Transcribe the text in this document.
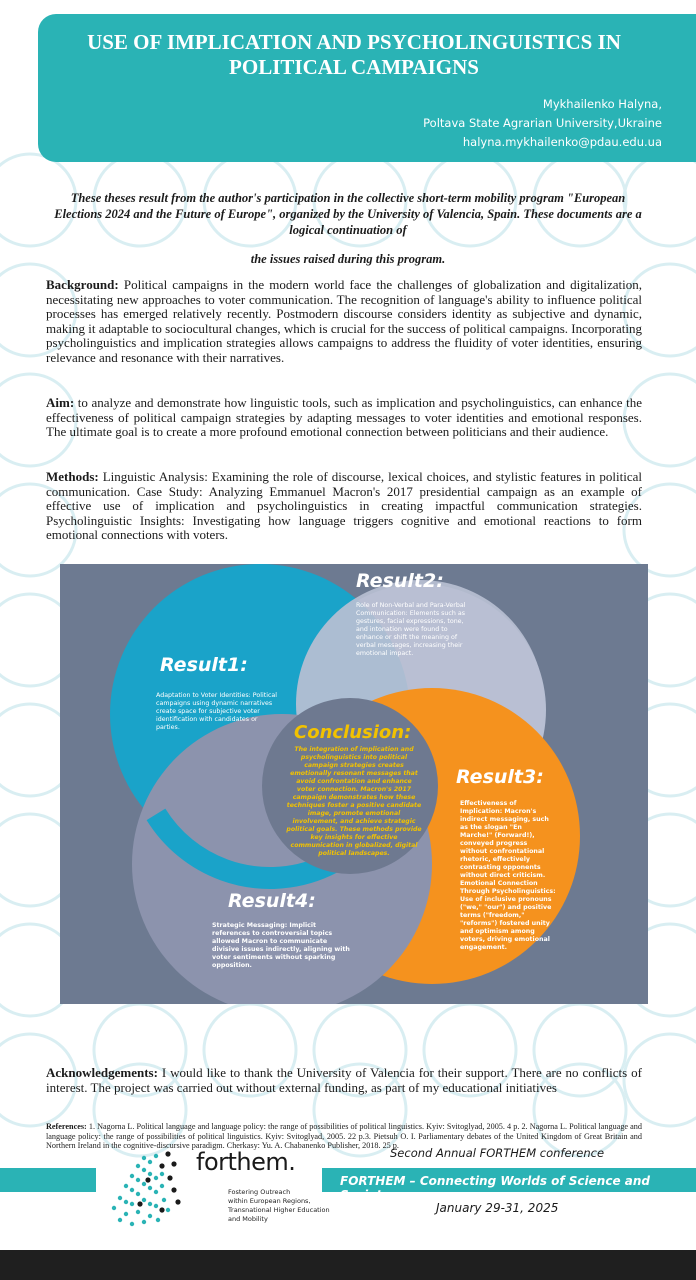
USE OF IMPLICATION AND PSYCHOLINGUISTICS IN POLITICAL CAMPAIGNS
Mykhailenko Halyna,
Poltava State Agrarian University,Ukraine
halyna.mykhailenko@pdau.edu.ua
These theses result from the author's participation in the collective short-term mobility program "European Elections 2024 and the Future of Europe", organized by the University of Valencia, Spain. These documents are a logical continuation of
the issues raised during this program.
Background: Political campaigns in the modern world face the challenges of globalization and digitalization, necessitating new approaches to voter communication. The recognition of language's ability to influence political processes has emerged relatively recently. Postmodern discourse considers identity as subjective and dynamic, making it adaptable to sociocultural changes, which is crucial for the success of political campaigns. Incorporating psycholinguistics and implication strategies allows campaigns to address the fluidity of voter identities, ensuring relevance and resonance with their narratives.
Aim: to analyze and demonstrate how linguistic tools, such as implication and psycholinguistics, can enhance the effectiveness of political campaign strategies by adapting messages to voter identities and emotional responses. The ultimate goal is to create a more profound emotional connection between politicians and their audience.
Methods: Linguistic Analysis: Examining the role of discourse, lexical choices, and stylistic features in political communication. Case Study: Analyzing Emmanuel Macron's 2017 presidential campaign as an example of effective use of implication and psycholinguistics in creating impactful communication strategies. Psycholinguistic Insights: Investigating how language triggers cognitive and emotional reactions to form emotional connections with voters.
Result2:
Role of Non-Verbal and Para-Verbal Communication: Elements such as gestures, facial expressions, tone, and intonation were found to enhance or shift the meaning of verbal messages, increasing their emotional impact.
Result1:
Adaptation to Voter Identities: Political campaigns using dynamic narratives create space for subjective voter identification with candidates or parties.	Conclusion:
The integration of implication and psycholinguistics into political campaign strategies creates emotionally resonant messages that avoid confrontation and enhance voter connection. Macron's 2017 campaign demonstrates how these techniques foster a positive candidate image, promote emotional involvement, and achieve strategic political goals. These methods provide key insights for effective communication in globalized, digital political landscapes.
Result3:
Effectiveness of Implication: Macron's indirect messaging, such as the slogan "En Marche!" (Forward!), conveyed progress without confrontational rhetoric, effectively contrasting opponents without direct criticism. Emotional Connection Through Psycholinguistics: Use of inclusive pronouns ("we," "our") and positive terms ("freedom," "reforms") fostered unity and optimism among voters, driving emotional engagement.
Result4:
Strategic Messaging: Implicit references to controversial topics allowed Macron to communicate divisive issues indirectly, aligning with voter sentiments without sparking opposition.
Acknowledgements: I would like to thank the University of Valencia for their support. There are no conflicts of interest. The project was carried out without external funding, as part of my educational initiatives
References: 1. Nagorna L. Political language and language policy: the range of possibilities of political linguistics. Kyiv: Svitoglyad, 2005. 4 p. 2. Nagorna L. Political language and language policy: the range of possibilities of political linguistics. Kyiv: Svitoglyad, 2005. 22 p.3. Pietsuh O. I. Parliamentary debates of the United Kingdom of Great Britain and Northern Ireland in the cognitive-discursive paradigm. Cherkasy: Yu. A. Chabanenko Publisher, 2018. 25 p.
forthem.
Fostering Outreach
within European Regions,
Transnational Higher Education
and Mobility
Second Annual FORTHEM conference
FORTHEM – Connecting Worlds of Science and Society
January 29-31, 2025
